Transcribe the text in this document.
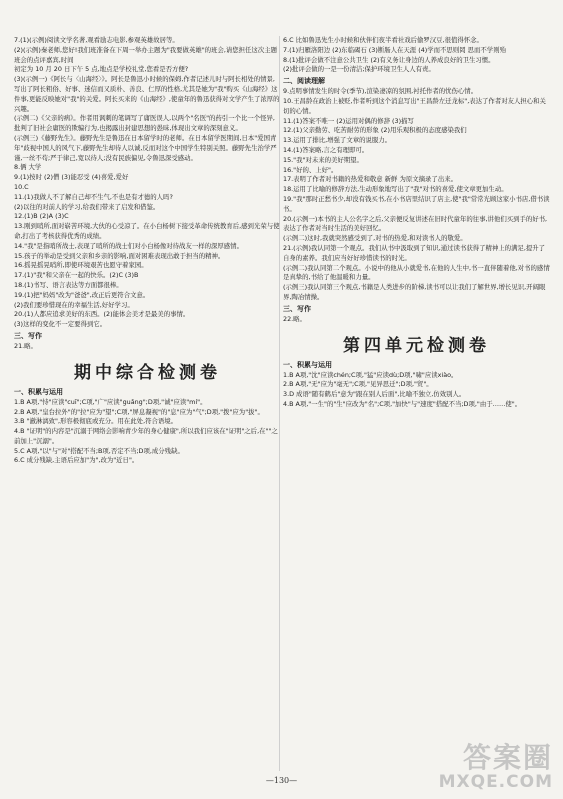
7.(1)(示例)阅读文学名著,观看励志电影,参观英雄故居等。

(2)(示例)秦老师,您好!我们班准备在下周一举办主题为"我要做英雄"的班会,请您担任这次主题班会的点评嘉宾,时间

初定为 10 月 20 日下午 5 点,地点是学校礼堂,您看是否方便?

(3)(示例一)《阿长与〈山海经〉》。阿长是鲁迅小时候的保姆,作者记述儿时与阿长相处的情景,写出了阿长粗俗、好事、迷信而又质朴、善良、仁厚的性格,尤其是她为"我"购买《山海经》这件事,更能反映她对"我"的关爱。阿长买来的《山海经》,使童年的鲁迅获得对文学产生了浓厚的兴趣。

(示例二)《父亲的病》。作者用讽刺的笔调写了庸医误人,以两个"名医"的药引一个比一个怪异,批判了旧社会庸医的欺骗行为,也揭露出封建思想的愚昧,体现出文章的深刻意义。

(示例三)《藤野先生》。藤野先生是鲁迅在日本留学时的老师。在日本留学医期间,日本"爱国青年"歧视中国人的风气下,藤野先生却待人以诚,反而对这个中国学生特别关照。藤野先生治学严谨,一丝不苟;严于律己,宽以待人;没有民族偏见,令鲁迅深受感动。

8.俩 大学

9.(1)按时 (2)僧 (3)能忍受 (4)喜爱,爱好

10.C

11.(1)我做人不了解自己却不生气,不也是有才德的人吗?

(2)以往的对前人的学习,给我们带来了启发和借鉴。

12.(1)B (2)A (3)C

13.刚到哨所,面对崭苦环境,大伙的心受凉了。在小白杨树下接受革命传统教育后,感到光荣与使命,打出了考核获得优秀的成绩。

14."我"是指哨所战士,表现了哨所的战士们对小白杨像对待战友一样的深厚感情。

15.孩子的举动是受到父亲和乡亲的影响,面对困难表现出敢于担当的精神。

16.摇晃摇晃哨所,即使环境艰苦也愿守着家园。

17.(1)"我"和父亲在一起的快乐。(2)C (3)B

18.(1)书写、语言表达等方面都很棒。

19.(1)把"妈妈"改为"爸爸",改正后更符合文意。

(2)我们要珍惜现在的幸福生活,好好学习。

20.(1)人都应追求美好的东西。(2)能体会美才是最美的事情。

(3)这样的变化不一定要得到它。

三、写作

21.略。

期中综合检测卷

一、积累与运用

1.B A项,"恃"应读"cuī";C项,"广"应读"guǎng";D项,"诚"应读"mí"。

2.B A项,"皇台拉外"的"拉"应为"望";C项,"屏息凝视"的"息"应为"气";D项,"拨"应为"拔"。

3.B "澈淋漓致",形容极彻底或充分。用在此处,符合语境。

4.B "证明"的内容是"沉溺于网络会影响青少年的身心健康",所以我们应该在"证明"之后,在""之前加上"沉溺"。

5.C A项,"以"与"对"搭配不当;B项,否定不当;D项,成分残缺。

6.C 成分残缺,主语后应加"为",改为"近日"。

6.C 比如鲁迅先生小时候和伙伴们夜半看社戏后偷罗汉豆,很值得怀念。

7.(1)归雁洛阳边 (2)东临碣石 (3)断肠人在天涯 (4)学而不思则罔 思而不学则殆

8.(1)批评会做不注意公共卫生 (2)有义务让身边的人养成良好的卫生习惯。

(2)批评会做的一是一份清洁;保护环境卫生人人有责。

二、阅读理解

9.点明事情发生的时令(季节),渲染凄凉的氛围,衬托作者的忧伤心情。

10.王昌龄在政治上被贬,作者听到这个消息写出"王昌龄左迁龙标",表达了作者对友人担心和关切的心情。

11.(1)答案不唯一 (2)运用对偶的修辞 (3)描写

12.(1)父亲勤劳、吃苦耐劳的形象 (2)用乐观积极的态度感染我们

13.运用了排比,增强了文章的说服力。

14.(1)答案略,言之有理即可。

15."我"对未来的美好期望。

16."好的、上好"。

17.表明了作者对书籍的热爱和敬意 新鲜 为原文摘录了出来。

18.运用了比喻的修辞方法,生动形象地写出了"我"对书的喜爱,使文章更加生动。

19."我"那时正愁书少,却没有钱买书,在小书店里结识了店主,使"我"常常光顾这家小书店,借书读书。

20.(示例一)本书的主人公名字之后,父亲便反复讲述在旧时代童年的往事,讲他们买到手的好书,表达了作者对当时生活的美好回忆。

(示例二)这时,我就突然感受到了,对书的热爱,和对读书人的敬爱。

21.(示例)我认同第一个观点。我们从书中汲取到了知识,通过读书获得了精神上的满足,提升了自身的素养。我们应当好好珍惜读书的时光。

(示例二)我认同第二个观点。小说中的他从小就爱书,在他的人生中,书一直伴随着他,对书的感情是真挚的,书给了他温暖和力量。

(示例三)我认同第三个观点,书籍是人类进步的阶梯,读书可以让我们了解世界,增长见识,开阔眼界,陶冶情操。

三、写作

22.略。

第四单元检测卷

一、积累与运用

1.B A项,"沈"应读chén;C项,"猛"应读dù;D项,"啸"应读xiào。

2.B A项,"无"应为"毫无";C项,"见异思迁";D项,"贸"。

3.D 成语"随有鹤后"意为"跟在别人后面",比喻不独立,仿效别人。

4.B A项,"一生"的"生"应改为"名";C项,"加快"与"速度"搭配不当;D项,"由于……使"。

—130—
答案圈
MXQE.COM
